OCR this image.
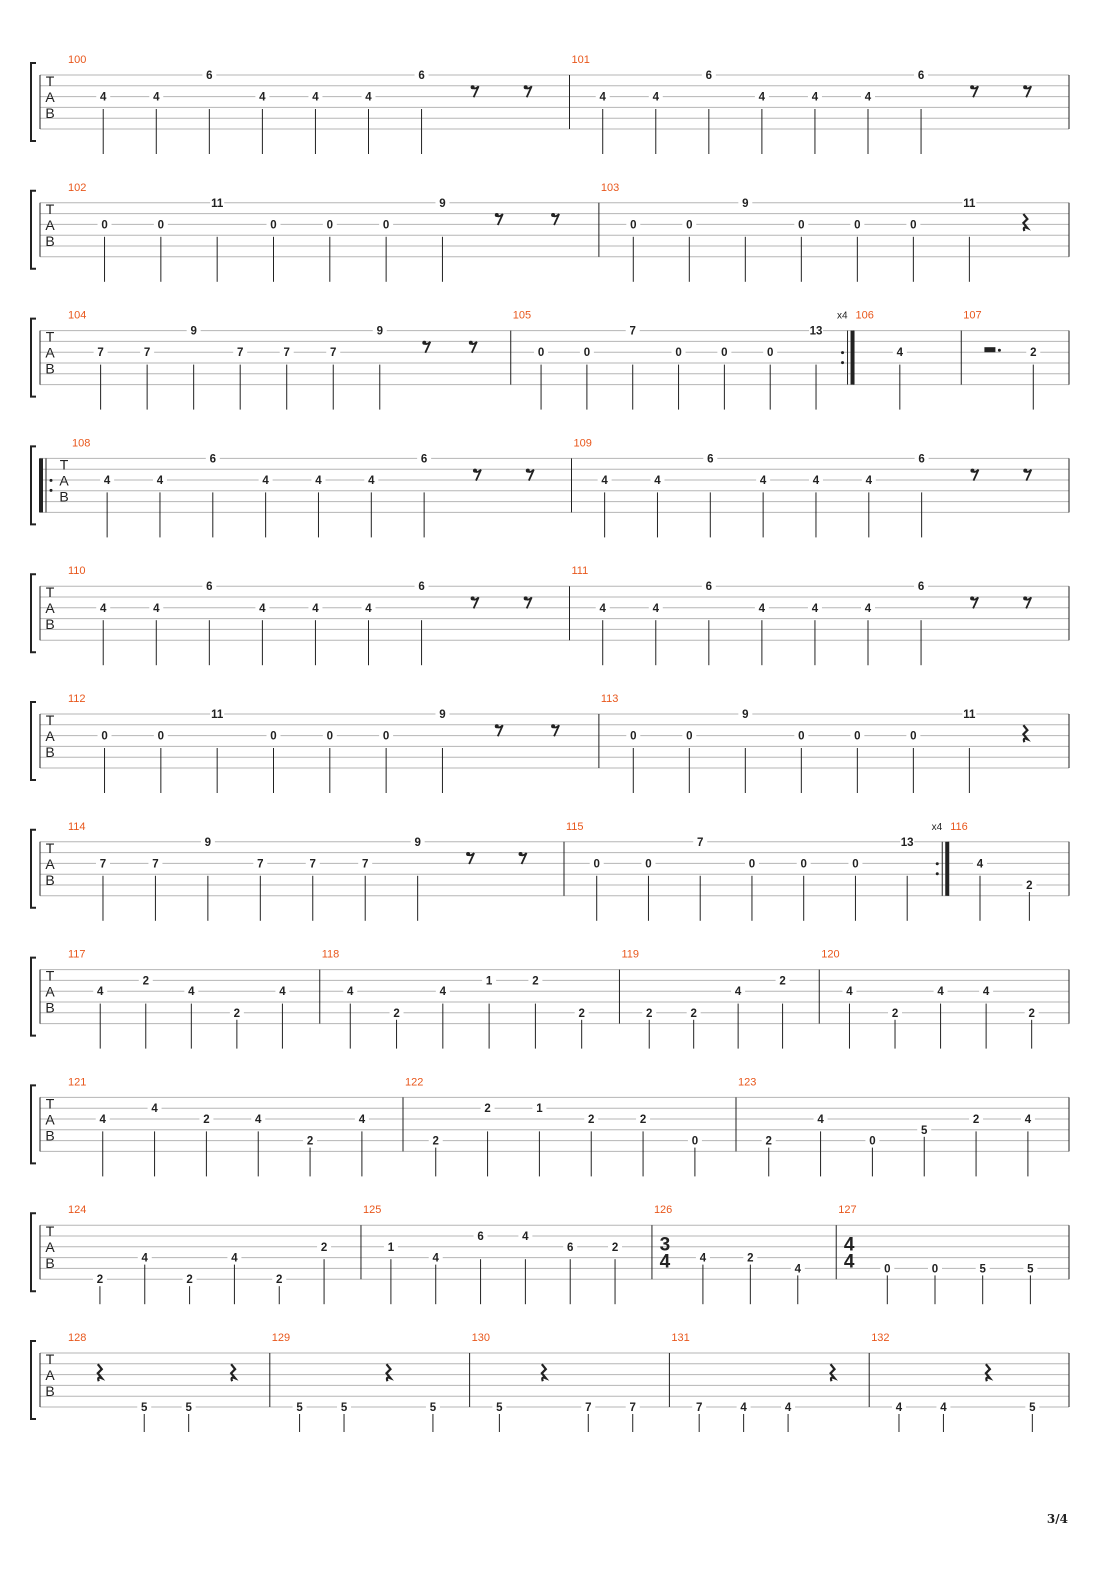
T
A
B
100
4	4
6
4	4	4
6
101
4	4
6
4	4	4
6
T
A
B
102
0	0
11
0	0	0
9
103
0	0
9
0	0	0
11
T
A
B
104
7	7
9
7	7	7
9
105
0	0
7
0	0	0
13
x4 106
4
107
2
T
A
B
108
4	4
6
4	4	4
6
109
4	4
6
4	4	4
6
T
A
B
110
4	4
6
4	4	4
6
111
4	4
6
4	4	4
6
T
A
B
112
0	0
11
0	0	0
9
113
0	0
9
0	0	0
11
T
A
B
114
7	7
9
7	7	7
9
115
0	0
7
0	0	0
13
x4 116
4
2
T
A
B
117
4
2
4
2
4
118
4
2
4
1	2
2
119
2	2
4
2
120
4
2
4	4
2
T
A
B
121
4
4
2	4
2
4
122
2
2	1
2	2
0
123
2
4
0
5
2	4
T
A
B
124
2
4
2
4
2
2
125
1
4
6	4
6	2
126
3
4	4	2
4
127
4
4	0	0	5	5
T
A
B
128
5	5
129
5	5	5
130
5	7	7
131
7	4	4
132
4	4	5
3/4
